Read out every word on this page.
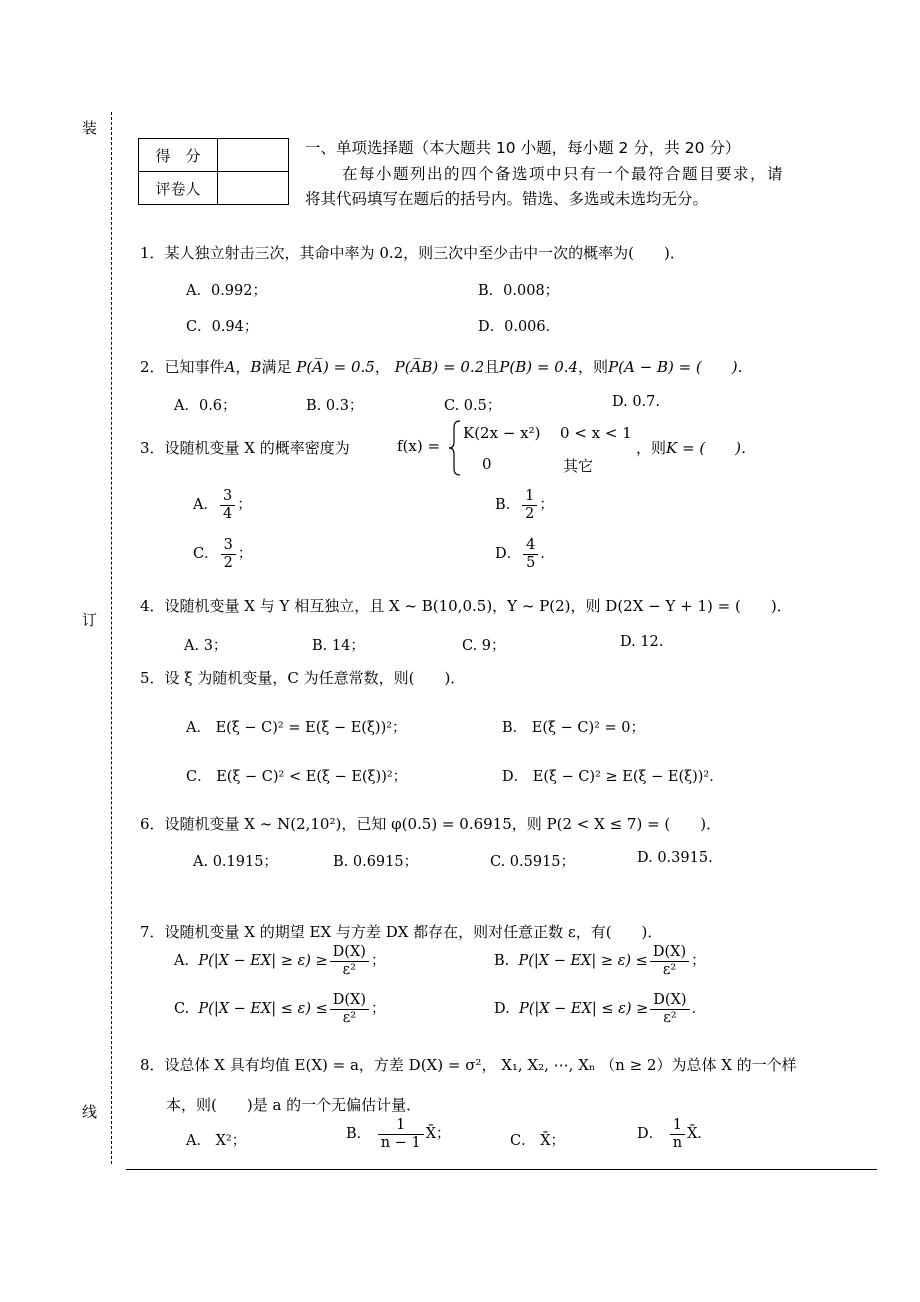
装
订
线
得　分	
评卷人	
一、单项选择题（本大题共 10 小题，每小题 2 分，共 20 分）
在每小题列出的四个备选项中只有一个最符合题目要求，请
将其代码填写在题后的括号内。错选、多选或未选均无分。
1．某人独立射击三次，其命中率为 0.2，则三次中至少击中一次的概率为(　　)．
A．0.992；	B．0.008；
C．0.94；	D．0.006．
2．已知事件A，B满足 P(A̅) = 0.5， P(A̅B) = 0.2且P(B) = 0.4，则P(A − B) = (　　)．
A．0.6；	B. 0.3；	C. 0.5；	D. 0.7.
3．设随机变量 X 的概率密度为	f(x) =
K(2x − x²) 0 < x < 1
0	其它
，则K = (　　)．
A． $\frac{3}{4}$ ；	B． $\frac{1}{2}$ ；
C． $\frac{3}{2}$ ；	D． $\frac{4}{5}$ ．
4．设随机变量 X 与 Y 相互独立，且 X ~ B(10,0.5)，Y ~ P(2)，则 D(2X − Y + 1) = (　　)．
A. 3；	B. 14；	C. 9；	D. 12.
5．设 ξ 为随机变量，C 为任意常数，则(　　)．
A． E(ξ − C)² = E(ξ − E(ξ))²；	B． E(ξ − C)² = 0；
C． E(ξ − C)² < E(ξ − E(ξ))²；	D． E(ξ − C)² ≥ E(ξ − E(ξ))²．
6．设随机变量 X ~ N(2,10²)，已知 φ(0.5) = 0.6915，则 P(2 < X ≤ 7) = (　　)．
A. 0.1915；	B. 0.6915；	C. 0.5915；	D. 0.3915.
7．设随机变量 X 的期望 EX 与方差 DX 都存在，则对任意正数 ε，有(　　)．
A. $P(|X - EX| \ge \varepsilon) \ge \frac{D(X)}{\text{ε²}}$ ；	B. $P(|X - EX| \ge \varepsilon) \le \frac{D(X)}{\text{ε²}}$ ；
C. $P(|X - EX| \le \varepsilon) \le \frac{D(X)}{\text{ε²}}$ ；	D. $P(|X - EX| \le \varepsilon) \ge \frac{D(X)}{\text{ε²}}$ ．
8．设总体 X 具有均值 E(X) = a，方差 D(X) = σ²， X₁, X₂, ⋯, Xₙ （n ≥ 2）为总体 X 的一个样
本，则(　　)是 a 的一个无偏估计量．
A． X²；	B． $\frac{1}{n - 1}$ X̄；	C． X̄；	D． $\frac{1}{n}$ X̄．
